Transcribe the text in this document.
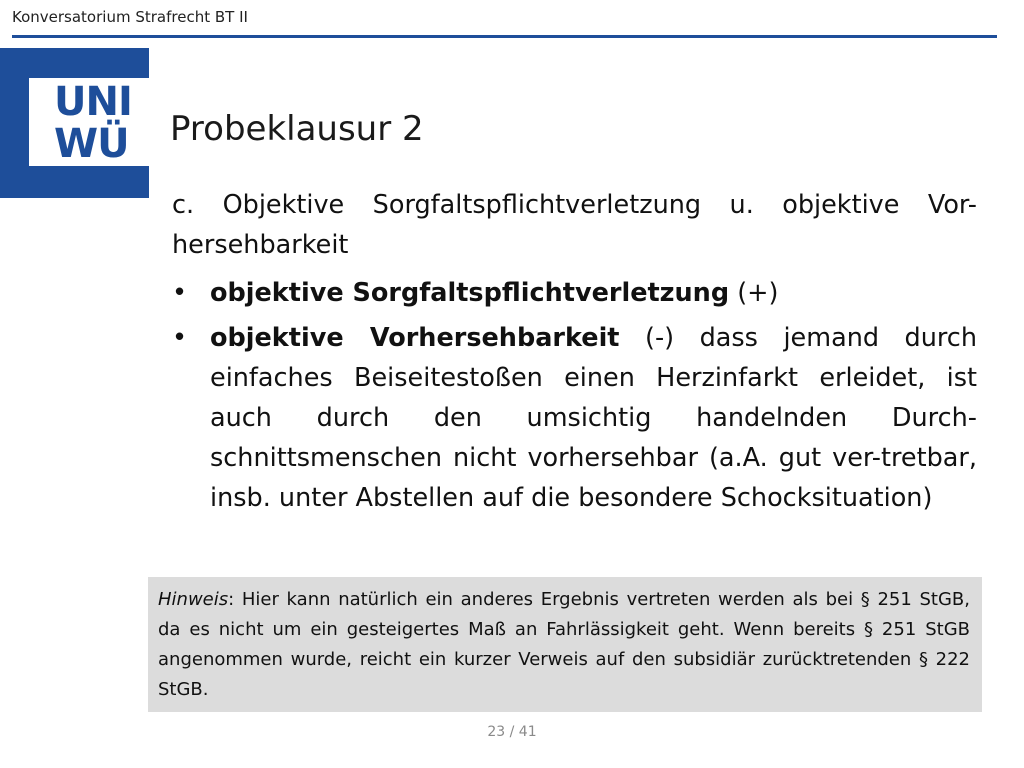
Konversatorium Strafrecht BT II
UNI
WÜ Probeklausur 2
c. Objektive Sorgfaltspflichtverletzung u. objektive Vor-hersehbarkeit
• objektive Sorgfaltspflichtverletzung (+)
• objektive Vorhersehbarkeit (-) dass jemand durch einfaches Beiseitestoßen einen Herzinfarkt erleidet, ist auch durch den umsichtig handelnden Durch-schnittsmenschen nicht vorhersehbar (a.A. gut ver-tretbar, insb. unter Abstellen auf die besondere Schocksituation)
Hinweis: Hier kann natürlich ein anderes Ergebnis vertreten werden als bei § 251 StGB, da es nicht um ein gesteigertes Maß an Fahrlässigkeit geht. Wenn bereits § 251 StGB angenommen wurde, reicht ein kurzer Verweis auf den subsidiär zurücktretenden § 222 StGB.
23 / 41
